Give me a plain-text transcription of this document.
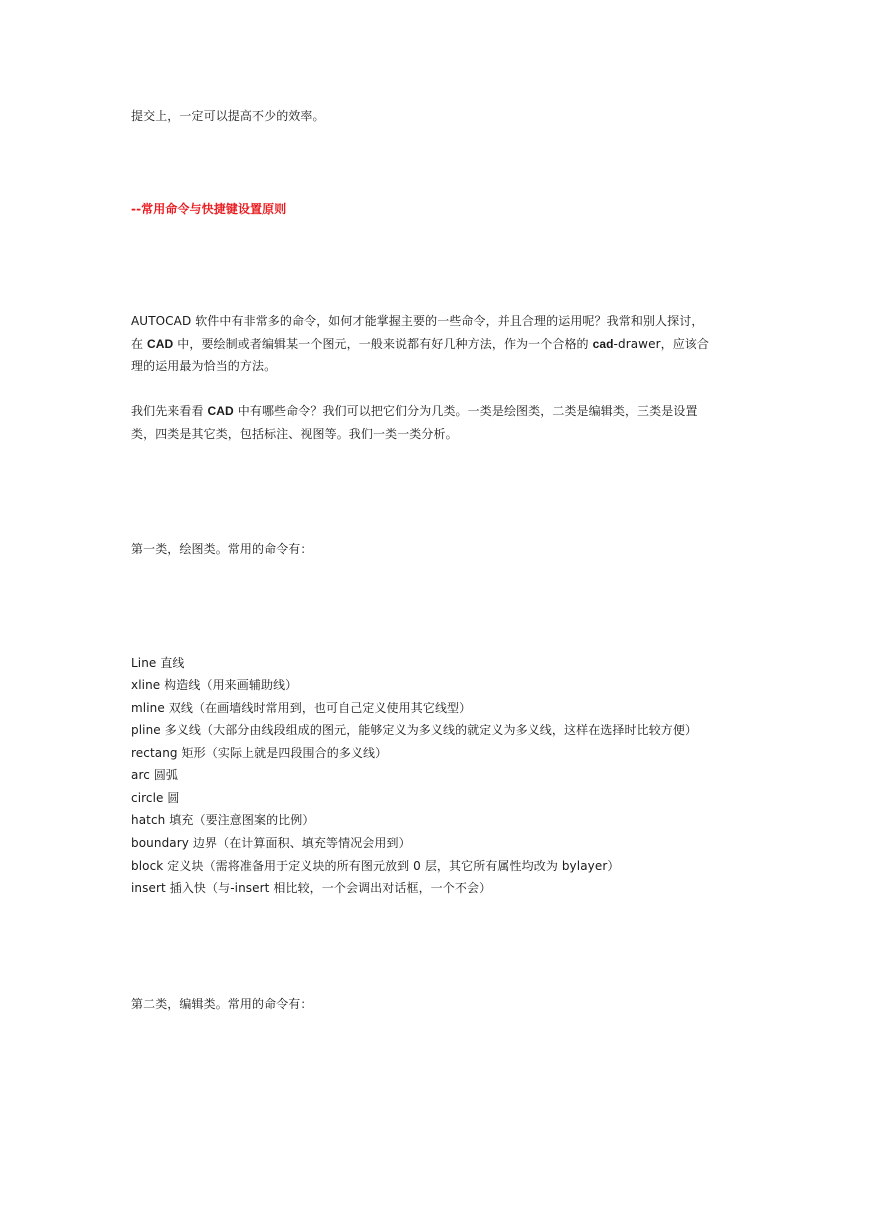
提交上，一定可以提高不少的效率。
--常用命令与快捷键设置原则
AUTOCAD 软件中有非常多的命令，如何才能掌握主要的一些命令，并且合理的运用呢？我常和别人探讨，
在 CAD 中，要绘制或者编辑某一个图元，一般来说都有好几种方法，作为一个合格的 cad-drawer，应该合
理的运用最为恰当的方法。
我们先来看看 CAD 中有哪些命令？我们可以把它们分为几类。一类是绘图类，二类是编辑类，三类是设置
类，四类是其它类，包括标注、视图等。我们一类一类分析。
第一类，绘图类。常用的命令有：
Line 直线
xline 构造线（用来画辅助线）
mline 双线（在画墙线时常用到，也可自己定义使用其它线型）
pline 多义线（大部分由线段组成的图元，能够定义为多义线的就定义为多义线，这样在选择时比较方便）
rectang 矩形（实际上就是四段围合的多义线）
arc 圆弧
circle 圆
hatch 填充（要注意图案的比例）
boundary 边界（在计算面积、填充等情况会用到）
block 定义块（需将准备用于定义块的所有图元放到 0 层，其它所有属性均改为 bylayer）
insert 插入快（与-insert 相比较，一个会调出对话框，一个不会）
第二类，编辑类。常用的命令有：
